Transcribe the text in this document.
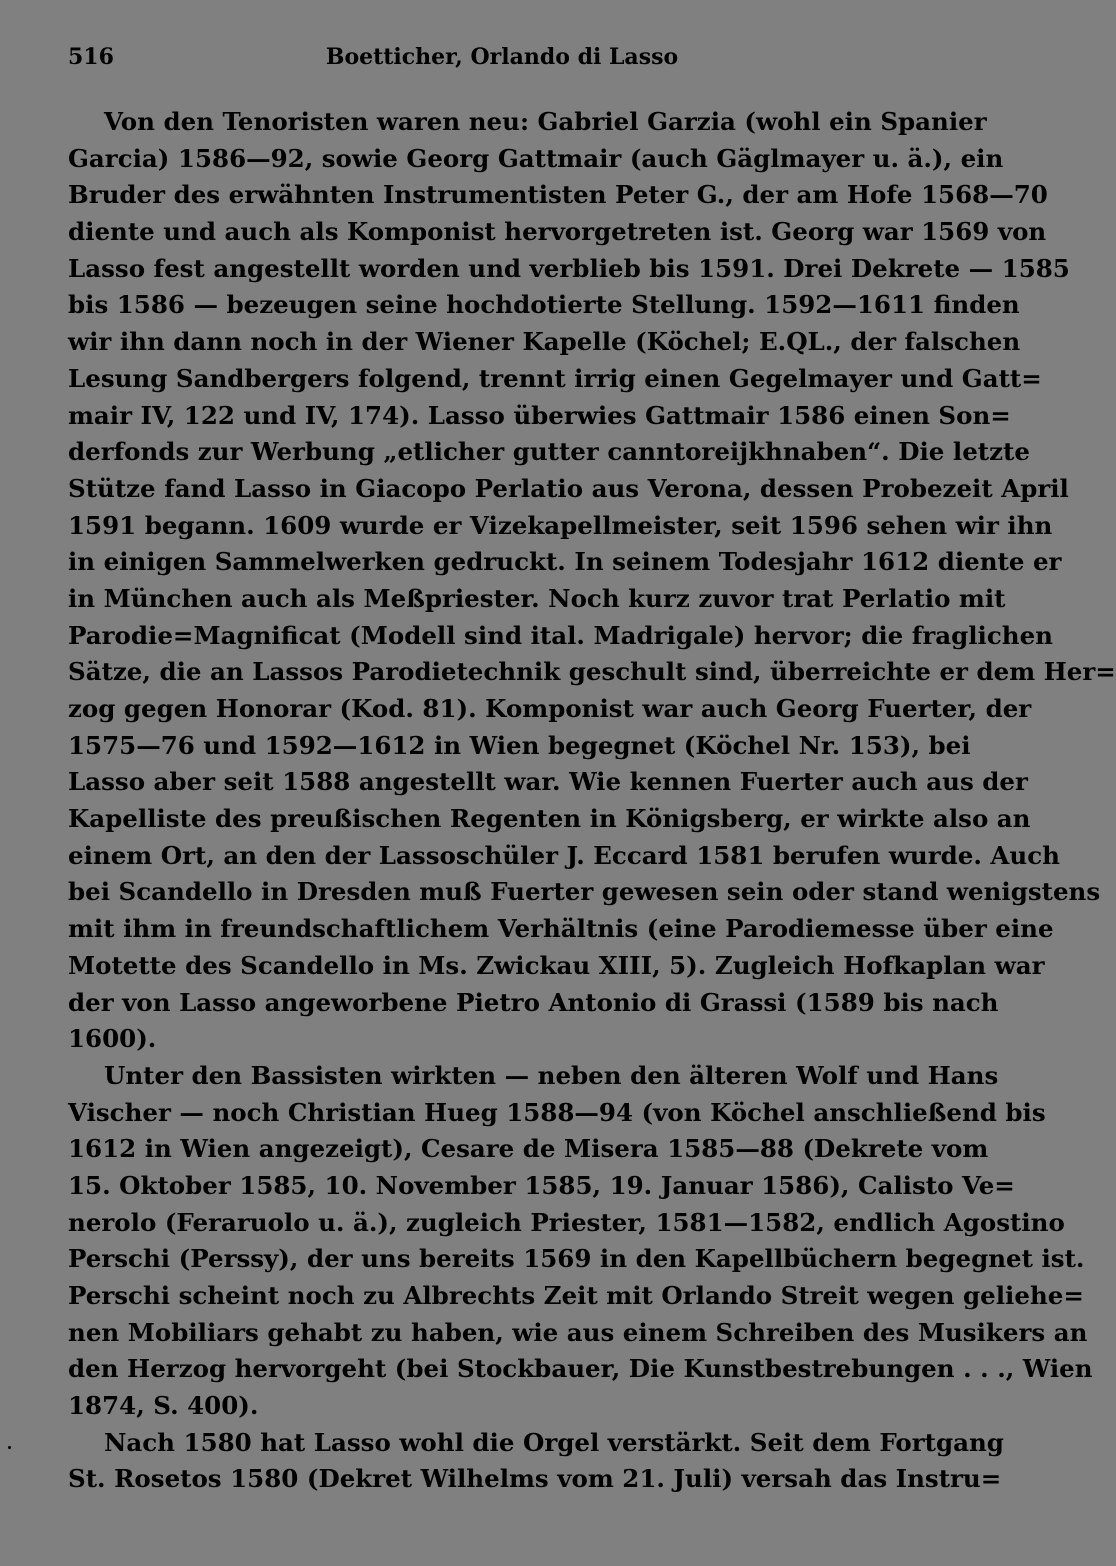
516	Boetticher, Orlando di Lasso
Von den Tenoristen waren neu: Gabriel Garzia (wohl ein Spanier
Garcia) 1586—92, sowie Georg Gattmair (auch Gäglmayer u. ä.), ein
Bruder des erwähnten Instrumentisten Peter G., der am Hofe 1568—70
diente und auch als Komponist hervorgetreten ist. Georg war 1569 von
Lasso fest angestellt worden und verblieb bis 1591. Drei Dekrete — 1585
bis 1586 — bezeugen seine hochdotierte Stellung. 1592—1611 finden
wir ihn dann noch in der Wiener Kapelle (Köchel; E.QL., der falschen
Lesung Sandbergers folgend, trennt irrig einen Gegelmayer und Gatt=
mair IV, 122 und IV, 174). Lasso überwies Gattmair 1586 einen Son=
derfonds zur Werbung „etlicher gutter canntoreijkhnaben“. Die letzte
Stütze fand Lasso in Giacopo Perlatio aus Verona, dessen Probezeit April
1591 begann. 1609 wurde er Vizekapellmeister, seit 1596 sehen wir ihn
in einigen Sammelwerken gedruckt. In seinem Todesjahr 1612 diente er
in München auch als Meßpriester. Noch kurz zuvor trat Perlatio mit
Parodie=Magnificat (Modell sind ital. Madrigale) hervor; die fraglichen
Sätze, die an Lassos Parodietechnik geschult sind, überreichte er dem Her=
zog gegen Honorar (Kod. 81). Komponist war auch Georg Fuerter, der
1575—76 und 1592—1612 in Wien begegnet (Köchel Nr. 153), bei
Lasso aber seit 1588 angestellt war. Wie kennen Fuerter auch aus der
Kapelliste des preußischen Regenten in Königsberg, er wirkte also an
einem Ort, an den der Lassoschüler J. Eccard 1581 berufen wurde. Auch
bei Scandello in Dresden muß Fuerter gewesen sein oder stand wenigstens
mit ihm in freundschaftlichem Verhältnis (eine Parodiemesse über eine
Motette des Scandello in Ms. Zwickau XIII, 5). Zugleich Hofkaplan war
der von Lasso angeworbene Pietro Antonio di Grassi (1589 bis nach
1600).
Unter den Bassisten wirkten — neben den älteren Wolf und Hans
Vischer — noch Christian Hueg 1588—94 (von Köchel anschließend bis
1612 in Wien angezeigt), Cesare de Misera 1585—88 (Dekrete vom
15. Oktober 1585, 10. November 1585, 19. Januar 1586), Calisto Ve=
nerolo (Feraruolo u. ä.), zugleich Priester, 1581—1582, endlich Agostino
Perschi (Perssy), der uns bereits 1569 in den Kapellbüchern begegnet ist.
Perschi scheint noch zu Albrechts Zeit mit Orlando Streit wegen geliehe=
nen Mobiliars gehabt zu haben, wie aus einem Schreiben des Musikers an
den Herzog hervorgeht (bei Stockbauer, Die Kunstbestrebungen . . ., Wien
1874, S. 400).
Nach 1580 hat Lasso wohl die Orgel verstärkt. Seit dem Fortgang
St. Rosetos 1580 (Dekret Wilhelms vom 21. Juli) versah das Instru=
